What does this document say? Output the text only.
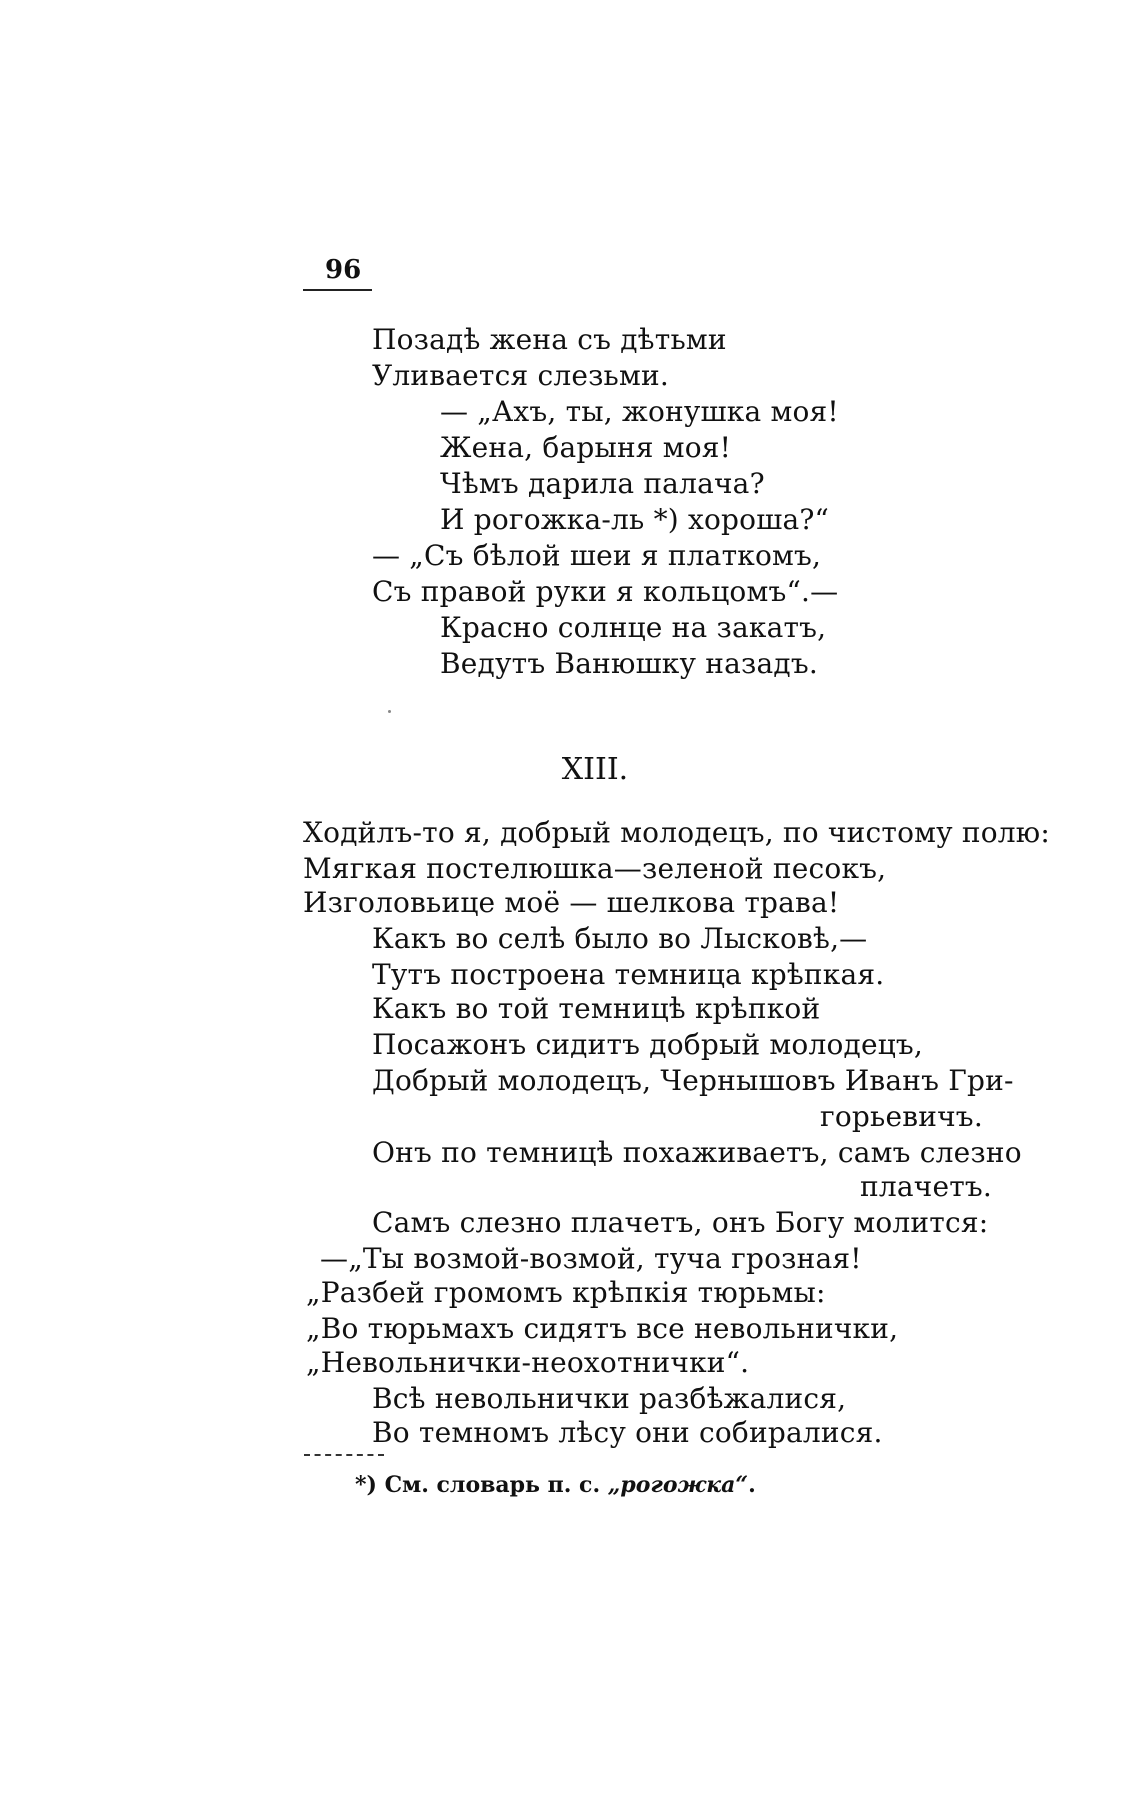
96
Позадѣ жена съ дѣтьми
Уливается слезьми.
— „Ахъ, ты, жонушка моя!
Жена, барыня моя!
Чѣмъ дарила палача?
И рогожка-ль *) хороша?“
— „Съ бѣлой шеи я платкомъ,
Съ правой руки я кольцомъ“.—
Красно солнце на закатъ,
Ведутъ Ванюшку назадъ.
XIII.
Ходйлъ-то я, добрый молодецъ, по чистому полю:
Мягкая постелюшка—зеленой песокъ,
Изголовьице моё — шелкова трава!
Какъ во селѣ было во Лысковѣ,—
Тутъ построена темница крѣпкая.
Какъ во той темницѣ крѣпкой
Посажонъ сидитъ добрый молодецъ,
Добрый молодецъ, Чернышовъ Иванъ Гри-
горьевичъ.
Онъ по темницѣ похаживаетъ, самъ слезно
плачетъ.
Самъ слезно плачетъ, онъ Богу молится:
—„Ты возмой-возмой, туча грозная!
„Разбей громомъ крѣпкія тюрьмы:
„Во тюрьмахъ сидятъ все невольнички,
„Невольнички-неохотнички“.
Всѣ невольнички разбѣжалися,
Во темномъ лѣсу они собиралися.
*) См. словарь п. с. „рогожка“.
